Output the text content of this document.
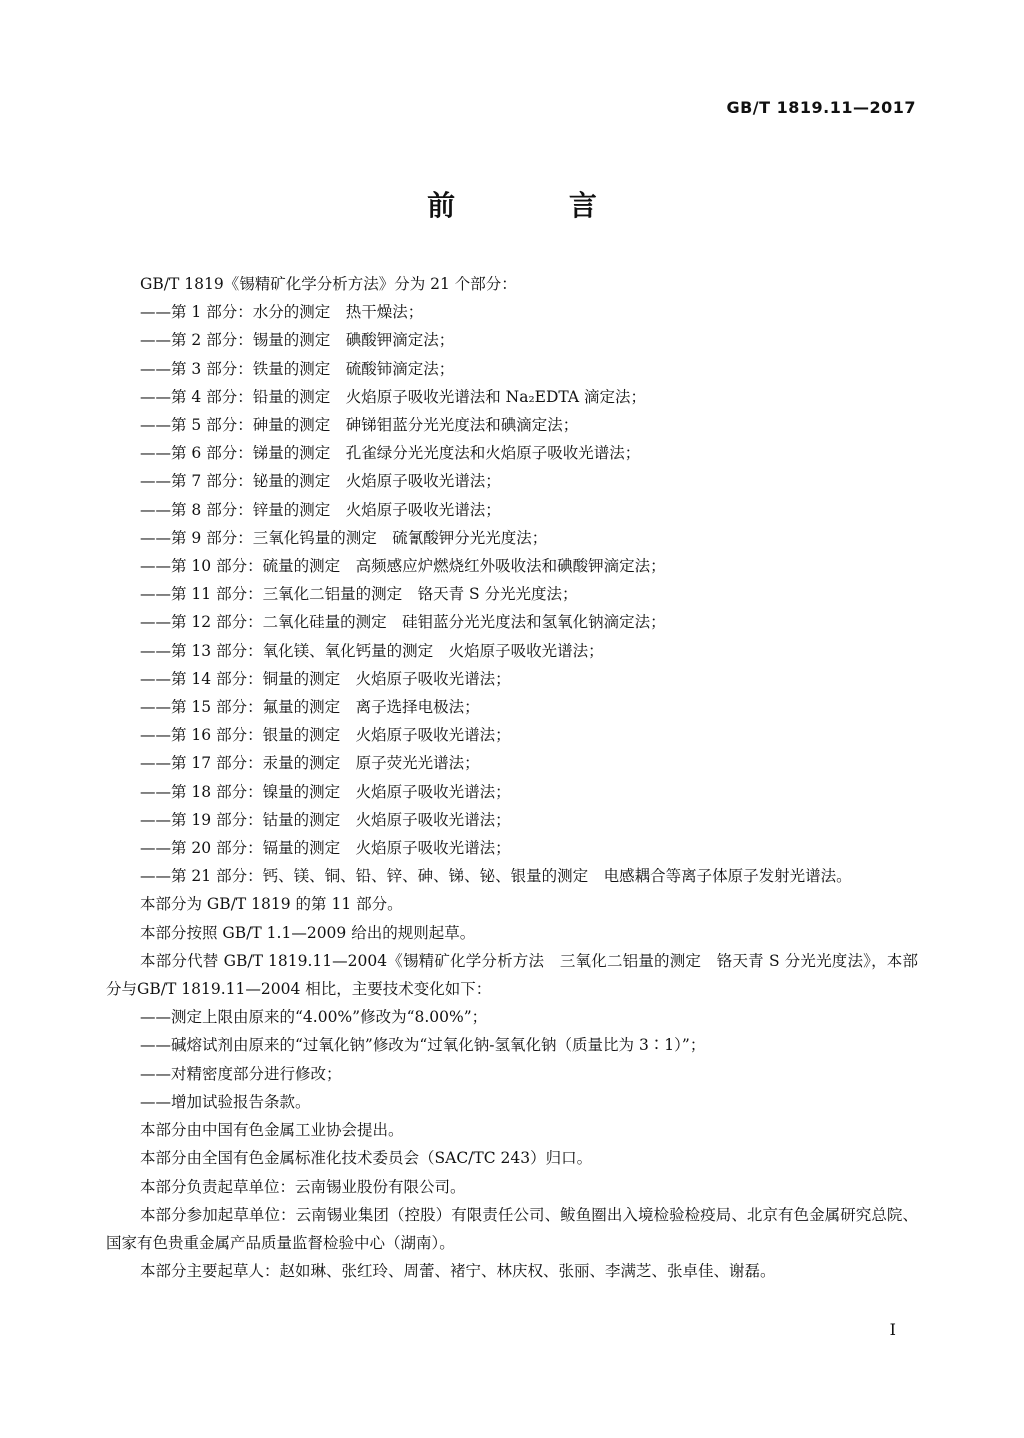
GB/T 1819.11—2017
前 言

GB/T 1819《锡精矿化学分析方法》分为 21 个部分：

——第 1 部分：水分的测定　热干燥法；
——第 2 部分：锡量的测定　碘酸钾滴定法；
——第 3 部分：铁量的测定　硫酸铈滴定法；
——第 4 部分：铅量的测定　火焰原子吸收光谱法和 Na₂EDTA 滴定法；
——第 5 部分：砷量的测定　砷锑钼蓝分光光度法和碘滴定法；
——第 6 部分：锑量的测定　孔雀绿分光光度法和火焰原子吸收光谱法；
——第 7 部分：铋量的测定　火焰原子吸收光谱法；
——第 8 部分：锌量的测定　火焰原子吸收光谱法；
——第 9 部分：三氧化钨量的测定　硫氰酸钾分光光度法；
——第 10 部分：硫量的测定　高频感应炉燃烧红外吸收法和碘酸钾滴定法；
——第 11 部分：三氧化二铝量的测定　铬天青 S 分光光度法；
——第 12 部分：二氧化硅量的测定　硅钼蓝分光光度法和氢氧化钠滴定法；
——第 13 部分：氧化镁、氧化钙量的测定　火焰原子吸收光谱法；
——第 14 部分：铜量的测定　火焰原子吸收光谱法；
——第 15 部分：氟量的测定　离子选择电极法；
——第 16 部分：银量的测定　火焰原子吸收光谱法；
——第 17 部分：汞量的测定　原子荧光光谱法；
——第 18 部分：镍量的测定　火焰原子吸收光谱法；
——第 19 部分：钴量的测定　火焰原子吸收光谱法；
——第 20 部分：镉量的测定　火焰原子吸收光谱法；
——第 21 部分：钙、镁、铜、铅、锌、砷、锑、铋、银量的测定　电感耦合等离子体原子发射光谱法。

本部分为 GB/T 1819 的第 11 部分。

本部分按照 GB/T 1.1—2009 给出的规则起草。

本部分代替 GB/T 1819.11—2004《锡精矿化学分析方法　三氧化二铝量的测定　铬天青 S 分光光度法》，本部分与GB/T 1819.11—2004 相比，主要技术变化如下：

——测定上限由原来的“4.00%”修改为“8.00%”；
——碱熔试剂由原来的“过氧化钠”修改为“过氧化钠-氢氧化钠（质量比为 3∶1）”；
——对精密度部分进行修改；
——增加试验报告条款。

本部分由中国有色金属工业协会提出。

本部分由全国有色金属标准化技术委员会（SAC/TC 243）归口。

本部分负责起草单位：云南锡业股份有限公司。

本部分参加起草单位：云南锡业集团（控股）有限责任公司、鲅鱼圈出入境检验检疫局、北京有色金属研究总院、国家有色贵重金属产品质量监督检验中心（湖南）。

本部分主要起草人：赵如琳、张红玲、周蕾、褚宁、林庆权、张丽、李满芝、张卓佳、谢磊。

I
